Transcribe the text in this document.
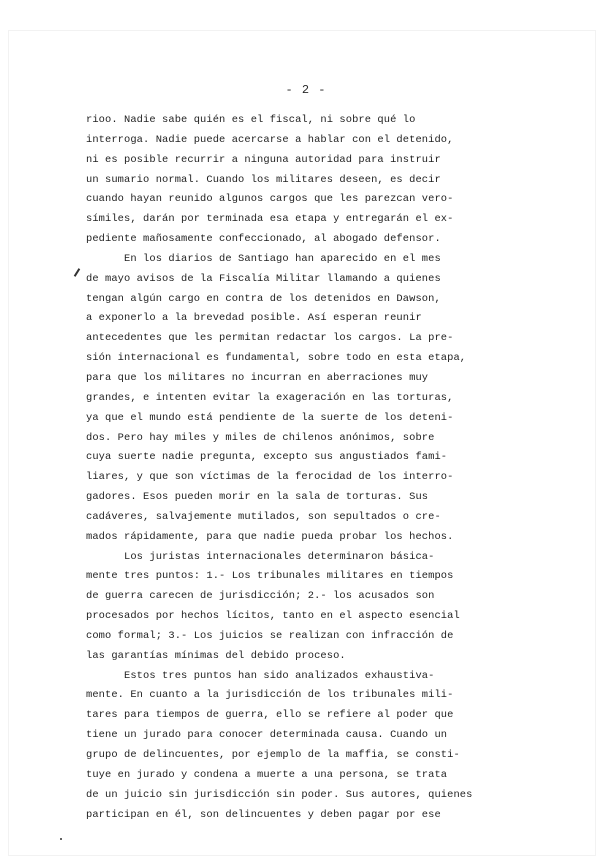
- 2 -
rioo. Nadie sabe quién es el fiscal, ni sobre qué lo
interroga. Nadie puede acercarse a hablar con el detenido,
ni es posible recurrir a ninguna autoridad para instruir
un sumario normal. Cuando los militares deseen, es decir
cuando hayan reunido algunos cargos que les parezcan vero-
símiles, darán por terminada esa etapa y entregarán el ex-
pediente mañosamente confeccionado, al abogado defensor.
En los diarios de Santiago han aparecido en el mes
de mayo avisos de la Fiscalía Militar llamando a quienes
tengan algún cargo en contra de los detenidos en Dawson,
a exponerlo a la brevedad posible. Así esperan reunir
antecedentes que les permitan redactar los cargos. La pre-
sión internacional es fundamental, sobre todo en esta etapa,
para que los militares no incurran en aberraciones muy
grandes, e intenten evitar la exageración en las torturas,
ya que el mundo está pendiente de la suerte de los deteni-
dos. Pero hay miles y miles de chilenos anónimos, sobre
cuya suerte nadie pregunta, excepto sus angustiados fami-
liares, y que son víctimas de la ferocidad de los interro-
gadores. Esos pueden morir en la sala de torturas. Sus
cadáveres, salvajemente mutilados, son sepultados o cre-
mados rápidamente, para que nadie pueda probar los hechos.
Los juristas internacionales determinaron básica-
mente tres puntos: 1.- Los tribunales militares en tiempos
de guerra carecen de jurisdicción; 2.- los acusados son
procesados por hechos lícitos, tanto en el aspecto esencial
como formal; 3.- Los juicios se realizan con infracción de
las garantías mínimas del debido proceso.
Estos tres puntos han sido analizados exhaustiva-
mente. En cuanto a la jurisdicción de los tribunales mili-
tares para tiempos de guerra, ello se refiere al poder que
tiene un jurado para conocer determinada causa. Cuando un
grupo de delincuentes, por ejemplo de la maffia, se consti-
tuye en jurado y condena a muerte a una persona, se trata
de un juicio sin jurisdicción sin poder. Sus autores, quienes
participan en él, son delincuentes y deben pagar por ese
